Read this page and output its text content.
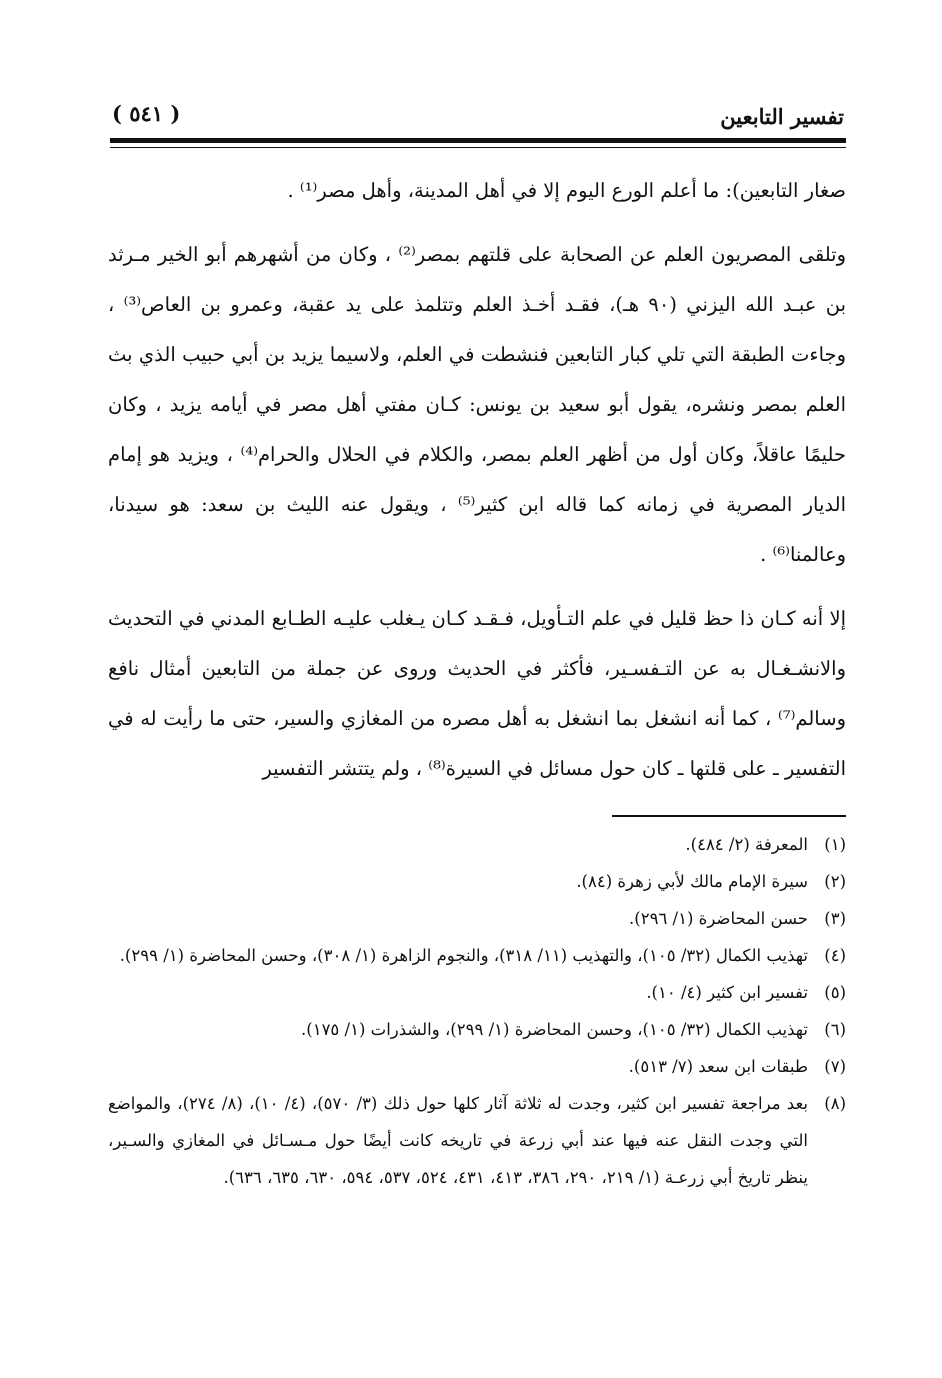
تفسير التابعين
( ٥٤١ )

صغار التابعين): ما أعلم الورع اليوم إلا في أهل المدينة، وأهل مصر⁽¹⁾ .

وتلقى المصريون العلم عن الصحابة على قلتهم بمصر⁽²⁾ ، وكان من أشهرهم أبو الخير مـرثد بن عبـد الله اليزني (٩٠ هـ)، فقـد أخـذ العلم وتتلمذ على يد عقبة، وعمرو بن العاص⁽³⁾ ، وجاءت الطبقة التي تلي كبار التابعين فنشطت في العلم، ولاسيما يزيد بن أبي حبيب الذي بث العلم بمصر ونشره، يقول أبو سعيد بن يونس: كـان مفتي أهل مصر في أيامه يزيد ، وكان حليمًا عاقلاً، وكان أول من أظهر العلم بمصر، والكلام في الحلال والحرام⁽⁴⁾ ، ويزيد هو إمام الديار المصرية في زمانه كما قاله ابن كثير⁽⁵⁾ ، ويقول عنه الليث بن سعد: هو سيدنا، وعالمنا⁽⁶⁾ .

إلا أنه كـان ذا حظ قليل في علم التـأويل، فـقـد كـان يـغلب عليـه الطـابع المدني في التحديث والانشـغـال به عن التـفسـير، فأكثر في الحديث وروى عن جملة من التابعين أمثال نافع وسالم⁽⁷⁾ ، كما أنه انشغل بما انشغل به أهل مصره من المغازي والسير، حتى ما رأيت له في التفسير ـ على قلتها ـ كان حول مسائل في السيرة⁽⁸⁾ ، ولم يتتشر التفسير

(١)
المعرفة (٢/ ٤٨٤).
(٢)
سيرة الإمام مالك لأبي زهرة (٨٤).
(٣)
حسن المحاضرة (١/ ٢٩٦).
(٤)
تهذيب الكمال (٣٢/ ١٠٥)، والتهذيب (١١/ ٣١٨)، والنجوم الزاهرة (١/ ٣٠٨)، وحسن المحاضرة (١/ ٢٩٩).
(٥)
تفسير ابن كثير (٤/ ١٠).
(٦)
تهذيب الكمال (٣٢/ ١٠٥)، وحسن المحاضرة (١/ ٢٩٩)، والشذرات (١/ ١٧٥).
(٧)
طبقات ابن سعد (٧/ ٥١٣).
(٨)
بعد مراجعة تفسير ابن كثير، وجدت له ثلاثة آثار كلها حول ذلك (٣/ ٥٧٠)، (٤/ ١٠)، (٨/ ٢٧٤)، والمواضع التي وجدت النقل عنه فيها عند أبي زرعة في تاريخه كانت أيضًا حول مـسـائل في المغازي والسـير، ينظر تاريخ أبي زرعـة (١/ ٢١٩، ٢٩٠، ٣٨٦، ٤١٣، ٤٣١، ٥٢٤، ٥٣٧، ٥٩٤، ٦٣٠، ٦٣٥، ٦٣٦).
